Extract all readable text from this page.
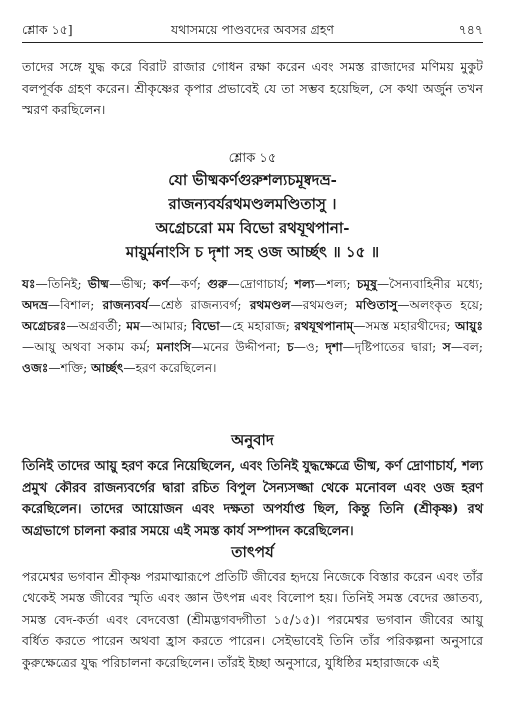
শ্লোক ১৫]	যথাসময়ে পাণ্ডবদের অবসর গ্রহণ	৭৪৭
তাদের সঙ্গে যুদ্ধ করে বিরাট রাজার গোধন রক্ষা করেন এবং সমস্ত রাজাদের মণিময় মুকুট বলপূর্বক গ্রহণ করেন। শ্রীকৃষ্ণের কৃপার প্রভাবেই যে তা সম্ভব হয়েছিল, সে কথা অর্জুন তখন স্মরণ করছিলেন।
শ্লোক ১৫
যো ভীষ্মকর্ণগুরুশল্যচমূষ্বদভ্র-
রাজন্যবর্যরথমণ্ডলমণ্ডিতাসু ।
অগ্রেচরো মম বিভো রথযূথপানা-
মায়ুর্মনাংসি চ দৃশা সহ ওজ আর্চ্ছৎ ॥ ১৫ ॥
যঃ—তিনিই; ভীষ্ম—ভীষ্ম; কর্ণ—কর্ণ; গুরু—দ্রোণাচার্য; শল্য—শল্য; চমূষু—সৈন্যবাহিনীর মধ্যে; অদভ্র—বিশাল; রাজন্যবর্য—শ্রেষ্ঠ রাজন্যবর্গ; রথমণ্ডল—রথমণ্ডল; মণ্ডিতাসু—অলংকৃত হয়ে; অগ্রেচরঃ—অগ্রবর্তী; মম—আমার; বিভো—হে মহারাজ; রথযূথপানাম্—সমস্ত মহারথীদের; আয়ুঃ—আয়ু অথবা সকাম কর্ম; মনাংসি—মনের উদ্দীপনা; চ—ও; দৃশা—দৃষ্টিপাতের দ্বারা; স—বল; ওজঃ—শক্তি; আর্চ্ছৎ—হরণ করেছিলেন।
অনুবাদ
তিনিই তাদের আয়ু হরণ করে নিয়েছিলেন, এবং তিনিই যুদ্ধক্ষেত্রে ভীষ্ম, কর্ণ দ্রোণাচার্য, শল্য প্রমুখ কৌরব রাজন্যবর্গের দ্বারা রচিত বিপুল সৈন্যসজ্জা থেকে মনোবল এবং ওজ হরণ করেছিলেন। তাদের আয়োজন এবং দক্ষতা অপর্যাপ্ত ছিল, কিন্তু তিনি (শ্রীকৃষ্ণ) রথ অগ্রভাগে চালনা করার সময়ে এই সমস্ত কার্য সম্পাদন করেছিলেন।
তাৎপর্য
পরমেশ্বর ভগবান শ্রীকৃষ্ণ পরমাত্মারূপে প্রতিটি জীবের হৃদয়ে নিজেকে বিস্তার করেন এবং তাঁর থেকেই সমস্ত জীবের স্মৃতি এবং জ্ঞান উৎপন্ন এবং বিলোপ হয়। তিনিই সমস্ত বেদের জ্ঞাতব্য, সমস্ত বেদ-কর্তা এবং বেদবেত্তা (শ্রীমদ্ভগবদ্গীতা ১৫/১৫)। পরমেশ্বর ভগবান জীবের আয়ু বর্ধিত করতে পারেন অথবা হ্রাস করতে পারেন। সেইভাবেই তিনি তাঁর পরিকল্পনা অনুসারে কুরুক্ষেত্রের যুদ্ধ পরিচালনা করেছিলেন। তাঁরই ইচ্ছা অনুসারে, যুধিষ্ঠির মহারাজকে এই
